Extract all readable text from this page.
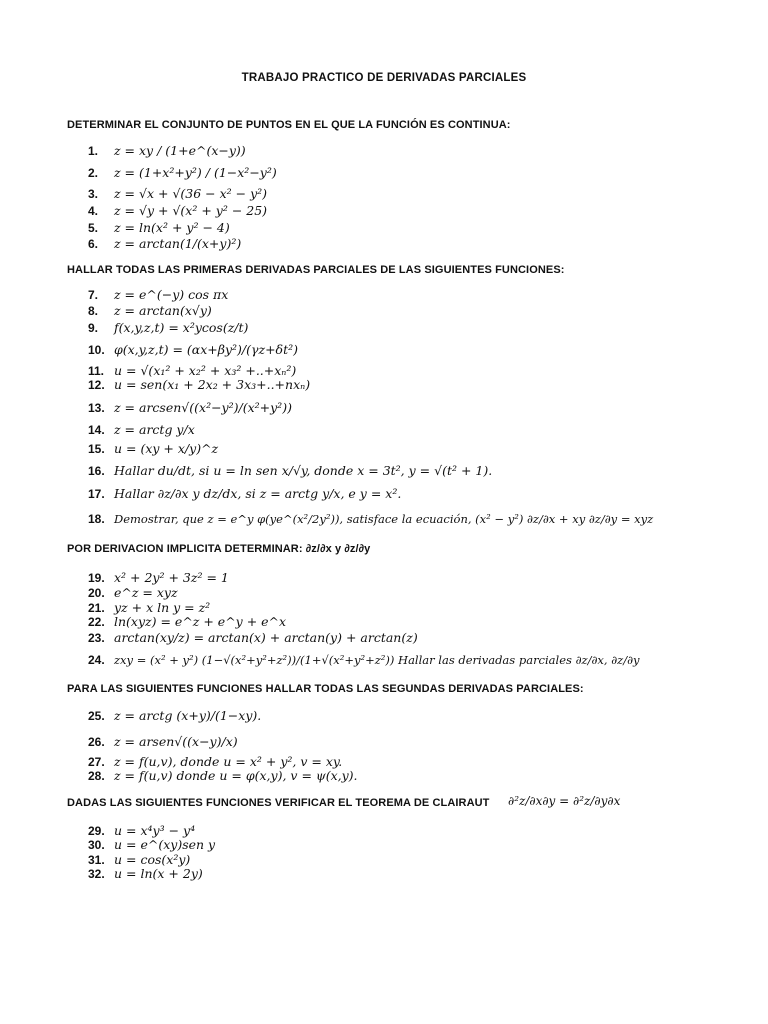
TRABAJO PRACTICO DE DERIVADAS PARCIALES
DETERMINAR EL CONJUNTO DE PUNTOS EN EL QUE LA FUNCIÓN ES CONTINUA:
1. z = xy / (1+e^(x−y))
2. z = (1+x²+y²) / (1−x²−y²)
3. z = √x + √(36 − x² − y²)
4. z = √y + √(x² + y² − 25)
5. z = ln(x² + y² − 4)
6. z = arctan(1/(x+y)²)
HALLAR TODAS LAS PRIMERAS DERIVADAS PARCIALES DE LAS SIGUIENTES FUNCIONES:
7. z = e^(−y) cos πx
8. z = arctan(x√y)
9. f(x,y,z,t) = x²ycos(z/t)
10. φ(x,y,z,t) = (αx+βy²)/(γz+δt²)
11. u = √(x₁² + x₂² + x₃² +..+xₙ²)
12. u = sen(x₁ + 2x₂ + 3x₃+..+nxₙ)
13. z = arcsen√((x²−y²)/(x²+y²))
14. z = arctg y/x
15. u = (xy + x/y)^z
16. Hallar du/dt, si u = ln sen x/√y, donde x = 3t², y = √(t² + 1).
17. Hallar ∂z/∂x y dz/dx, si z = arctg y/x, e y = x².
18. Demostrar, que z = e^y φ(ye^(x²/2y²)), satisface la ecuación, (x² − y²) ∂z/∂x + xy ∂z/∂y = xyz
POR DERIVACION IMPLICITA DETERMINAR: ∂z/∂x y ∂z/∂y
19. x² + 2y² + 3z² = 1
20. e^z = xyz
21. yz + x ln y = z²
22. ln(xyz) = e^z + e^y + e^x
23. arctan(xy/z) = arctan(x) + arctan(y) + arctan(z)
24. zxy = (x² + y²) (1−√(x²+y²+z²))/(1+√(x²+y²+z²)) Hallar las derivadas parciales ∂z/∂x, ∂z/∂y
PARA LAS SIGUIENTES FUNCIONES HALLAR TODAS LAS SEGUNDAS DERIVADAS PARCIALES:
25. z = arctg (x+y)/(1−xy).
26. z = arsen√((x−y)/x)
27. z = f(u,v), donde u = x² + y², v = xy.
28. z = f(u,v) donde u = φ(x,y), v = ψ(x,y).
DADAS LAS SIGUIENTES FUNCIONES VERIFICAR EL TEOREMA DE CLAIRAUT ∂²z/∂x∂y = ∂²z/∂y∂x
29. u = x⁴y³ − y⁴
30. u = e^(xy)sen y
31. u = cos(x²y)
32. u = ln(x + 2y)
